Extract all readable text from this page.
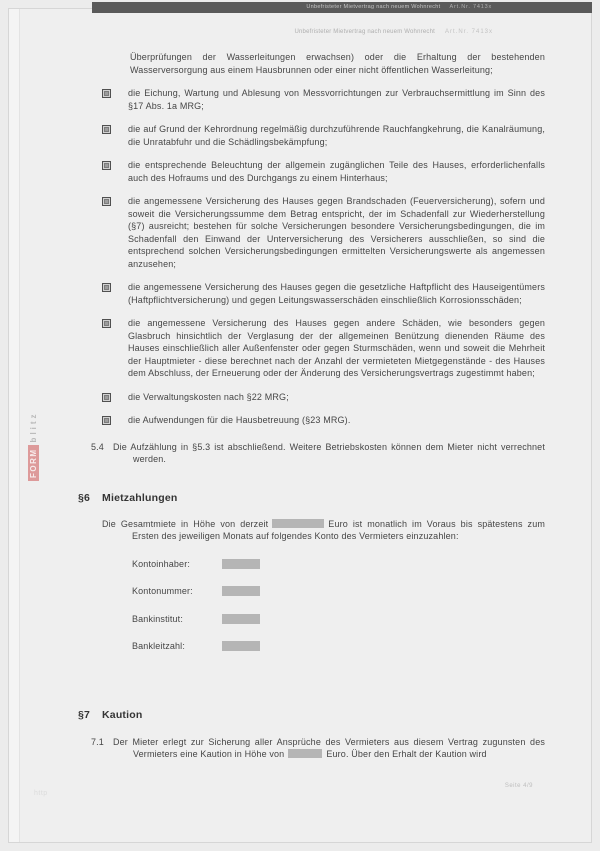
Unbefristeter Mietvertrag nach neuem Wohnrecht Art.Nr. 7413x
Unbefristeter Mietvertrag nach neuem Wohnrecht Art.Nr. 7413x
FORMblitz

Überprüfungen der Wasserleitungen erwachsen) oder die Erhaltung der bestehenden Wasserversorgung aus einem Hausbrunnen oder einer nicht öffentlichen Wasserleitung;

die Eichung, Wartung und Ablesung von Messvorrichtungen zur Verbrauchsermittlung im Sinn des §17 Abs. 1a MRG;
die auf Grund der Kehrordnung regelmäßig durchzuführende Rauchfangkehrung, die Kanalräumung, die Unratabfuhr und die Schädlingsbekämpfung;
die entsprechende Beleuchtung der allgemein zugänglichen Teile des Hauses, erforderlichenfalls auch des Hofraums und des Durchgangs zu einem Hinterhaus;
die angemessene Versicherung des Hauses gegen Brandschaden (Feuerversicherung), sofern und soweit die Versicherungssumme dem Betrag entspricht, der im Schadenfall zur Wiederherstellung (§7) ausreicht; bestehen für solche Versicherungen besondere Versicherungsbedingungen, die im Schadenfall den Einwand der Unterversicherung des Versicherers ausschließen, so sind die entsprechend solchen Versicherungsbedingungen ermittelten Versicherungswerte als angemessen anzusehen;
die angemessene Versicherung des Hauses gegen die gesetzliche Haftpflicht des Hauseigentümers (Haftpflichtversicherung) und gegen Leitungswasserschäden einschließlich Korrosionsschäden;
die angemessene Versicherung des Hauses gegen andere Schäden, wie besonders gegen Glasbruch hinsichtlich der Verglasung der der allgemeinen Benützung dienenden Räume des Hauses einschließlich aller Außenfenster oder gegen Sturmschäden, wenn und soweit die Mehrheit der Hauptmieter - diese berechnet nach der Anzahl der vermieteten Mietgegenstände - des Hauses dem Abschluss, der Erneuerung oder der Änderung des Versicherungsvertrags zugestimmt haben;
die Verwaltungskosten nach §22 MRG;
die Aufwendungen für die Hausbetreuung (§23 MRG).
5.4	Die Aufzählung in §5.3 ist abschließend. Weitere Betriebskosten können dem Mieter nicht verrechnet werden.

§6 Mietzahlungen

Die Gesamtmiete in Höhe von derzeit	Euro ist monatlich im Voraus bis spätestens zum Ersten des jeweiligen Monats auf folgendes Konto des Vermieters einzuzahlen:

Kontoinhaber:
Kontonummer:
Bankinstitut:
Bankleitzahl:
§7 Kaution
7.1	Der Mieter erlegt zur Sicherung aller Ansprüche des Vermieters aus diesem Vertrag zugunsten des Vermieters eine Kaution in Höhe von	Euro. Über den Erhalt der Kaution wird

Seite 4/9
http
